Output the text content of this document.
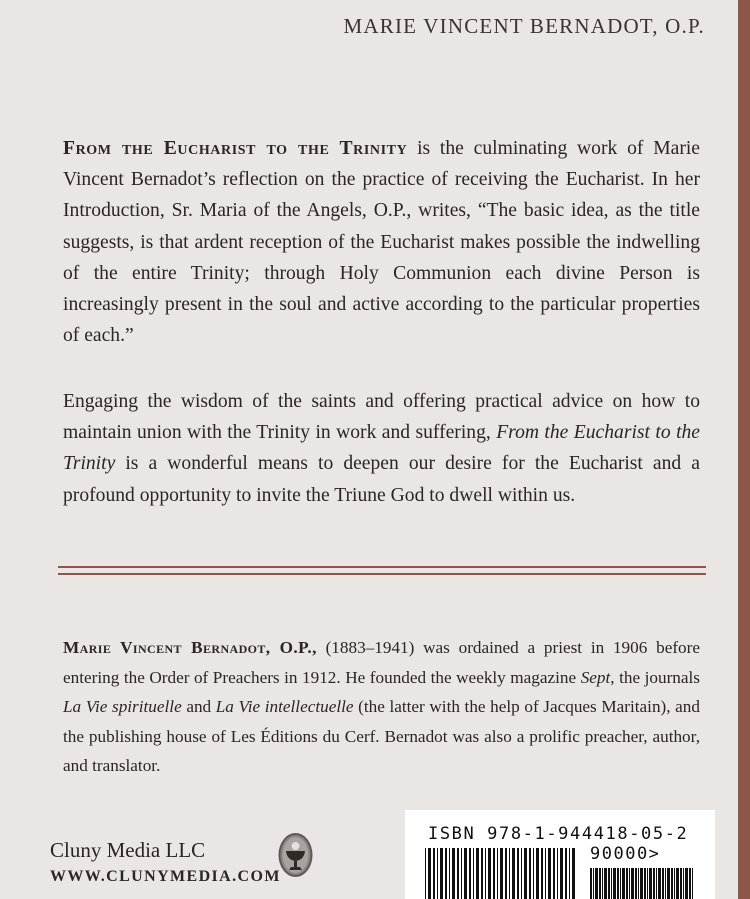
MARIE VINCENT BERNADOT, O.P.

From the Eucharist to the Trinity is the culminating work of Marie Vincent Bernadot’s reflection on the practice of receiving the Eucharist. In her Introduction, Sr. Maria of the Angels, O.P., writes, “The basic idea, as the title suggests, is that ardent reception of the Eucharist makes possible the indwelling of the entire Trinity; through Holy Communion each divine Person is increasingly present in the soul and active according to the particular properties of each.”

Engaging the wisdom of the saints and offering practical advice on how to maintain union with the Trinity in work and suffering, From the Eucharist to the Trinity is a wonderful means to deepen our desire for the Eucharist and a profound opportunity to invite the Triune God to dwell within us.

Marie Vincent Bernadot, O.P., (1883–1941) was ordained a priest in 1906 before entering the Order of Preachers in 1912. He founded the weekly magazine Sept, the journals La Vie spirituelle and La Vie intellectuelle (the latter with the help of Jacques Maritain), and the publishing house of Les Éditions du Cerf. Bernadot was also a prolific preacher, author, and translator.

Cluny Media LLC
WWW.CLUNYMEDIA.COM
ISBN 978-1-944418-05-2
90000>
